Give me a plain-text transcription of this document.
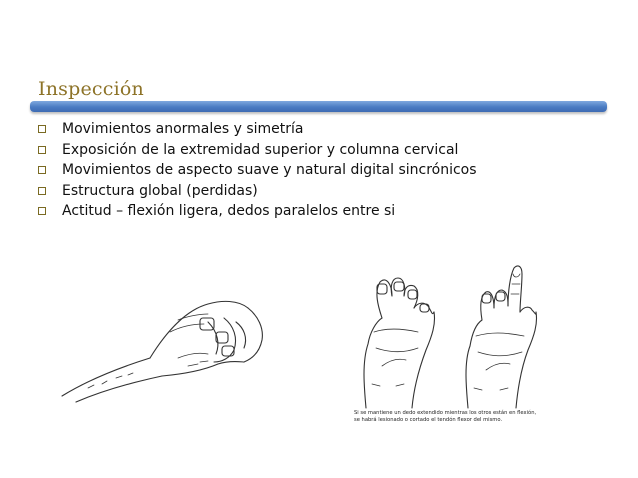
Inspección
Movimientos anormales y simetría
Exposición de la extremidad superior y columna cervical
Movimientos de aspecto suave y natural digital sincrónicos
Estructura global (perdidas)
Actitud – flexión ligera, dedos paralelos entre si
Si se mantiene un dedo extendido mientras los otros están en flexión,
se habrá lesionado o cortado el tendón flexor del mismo.
